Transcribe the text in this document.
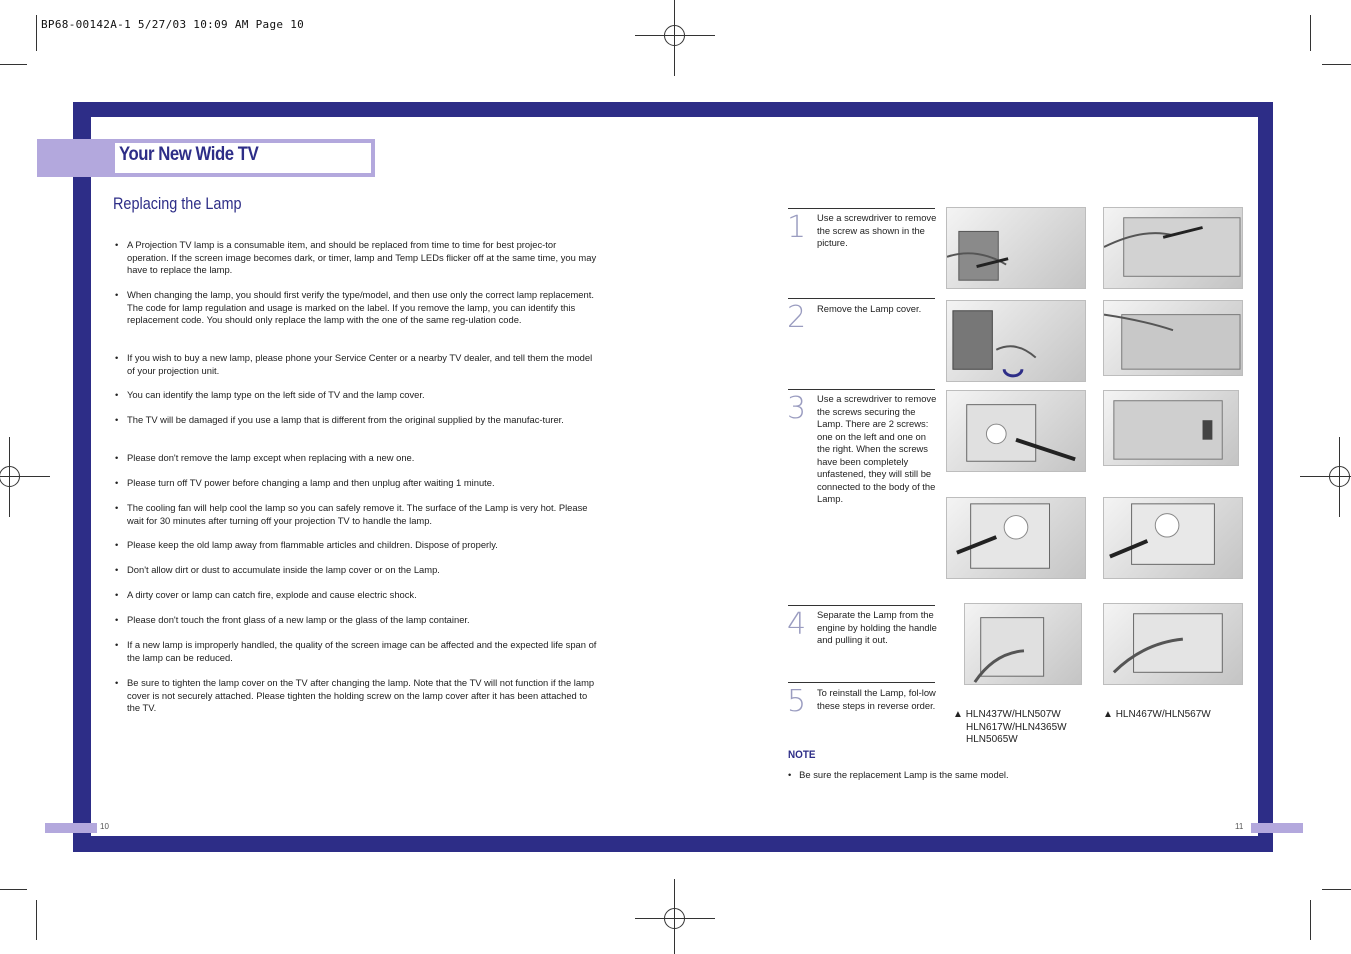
BP68-00142A-1 5/27/03 10:09 AM Page 10
Your New Wide TV
Replacing the Lamp
• A Projection TV lamp is a consumable item, and should be replaced from time to time for best projec-tor operation. If the screen image becomes dark, or timer, lamp and Temp LEDs flicker off at the same time, you may have to replace the lamp.
• When changing the lamp, you should first verify the type/model, and then use only the correct lamp replacement. The code for lamp regulation and usage is marked on the label. If you remove the lamp, you can identify this replacement code. You should only replace the lamp with the one of the same reg-ulation code.
• If you wish to buy a new lamp, please phone your Service Center or a nearby TV dealer, and tell them the model of your projection unit.
• You can identify the lamp type on the left side of TV and the lamp cover.
• The TV will be damaged if you use a lamp that is different from the original supplied by the manufac-turer.
• Please don't remove the lamp except when replacing with a new one.
• Please turn off TV power before changing a lamp and then unplug after waiting 1 minute.
• The cooling fan will help cool the lamp so you can safely remove it. The surface of the Lamp is very hot. Please wait for 30 minutes after turning off your projection TV to handle the lamp.
• Please keep the old lamp away from flammable articles and children. Dispose of properly.
• Don't allow dirt or dust to accumulate inside the lamp cover or on the Lamp.
• A dirty cover or lamp can catch fire, explode and cause electric shock.
• Please don't touch the front glass of a new lamp or the glass of the lamp container.
• If a new lamp is improperly handled, the quality of the screen image can be affected and the expected life span of the lamp can be reduced.
• Be sure to tighten the lamp cover on the TV after changing the lamp. Note that the TV will not function if the lamp cover is not securely attached. Please tighten the holding screw on the lamp cover after it has been attached to the TV.
1 Use a screwdriver to remove the screw as shown in the picture.
2 Remove the Lamp cover.
3 Use a screwdriver to remove the screws securing the Lamp. There are 2 screws: one on the left and one on the right. When the screws have been completely unfastened, they will still be connected to the body of the Lamp.
4 Separate the Lamp from the engine by holding the handle and pulling it out.
5 To reinstall the Lamp, fol-low these steps in reverse order.
▲ HLN437W/HLN507W
HLN617W/HLN4365W
HLN5065W
▲ HLN467W/HLN567W
NOTE
• Be sure the replacement Lamp is the same model.
10	11
